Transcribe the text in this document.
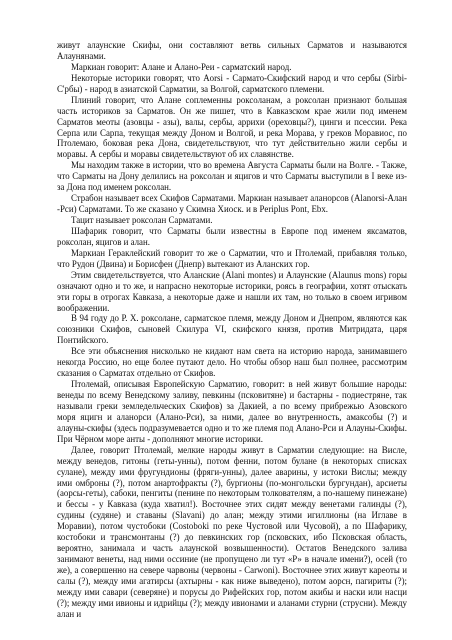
живут алаунские Скифы, они составляют ветвь сильных Сарматов и называются Алаунянами.

Маркиан говорит: Алане и Алано-Реи - сарматский народ.

Некоторые историки говорят, что Aorsi - Сармато-Скифский народ и что сербы (Sirbi- С'рбы) - народ в азиатской Сарматии, за Волгой, сарматского племени.

Плиний говорит, что Алане соплеменны роксоланам, а роксолан признают большая часть историков за Сарматов. Он же пишет, что в Кавказском крае жили под именем Сарматов меоты (азовцы - азы), валы, сербы, аррихи (ореховцы?), цинги и псессии. Река Серпа или Сарпа, текущая между Доном и Волгой, и река Морава, у греков Моравиос, по Птолемаю, боковая река Дона, свидетельствуют, что тут действительно жили сербы и моравы. А сербы и моравы свидетельствуют об их славянстве.

Мы находим также в истории, что во времена Августа Сарматы были на Волге. - Также, что Сарматы на Дону делились на роксолан и яцигов и что Сарматы выступили в I веке из-за Дона под именем роксолан.

Страбон называет всех Скифов Сарматами. Маркиан называет аланорсов (Alanorsi-Алан -Рси) Сарматами. То же сказано у Скимна Хиоск. и в Periplus Pont, Ebx.

Тацит называет роксолан Сарматами.

Шафарик говорит, что Сарматы были известны в Европе под именем яксаматов, роксолан, яцигов и алан.

Маркиан Гераклейский говорит то же о Сарматии, что и Птолемай, прибавляя только, что Рудон (Двина) и Борисфен (Днепр) вытекают из Аланских гор.

Этим свидетельствуется, что Аланские (Alani montes) и Алаунские (Alaunus mons) горы означают одно и то же, и напрасно некоторые историки, роясь в географии, хотят отыскать эти горы в отрогах Кавказа, а некоторые даже и нашли их там, но только в своем игривом воображении.

В 94 году до Р. Х. роксолане, сарматское племя, между Доном и Днепром, являются как союзники Скифов, сыновей Скилура VI, скифского князя, против Митридата, царя Понтийского.

Все эти объяснения нисколько не кидают нам света на историю народа, занимавшего некогда Россию, но еще более путают дело. Но чтобы обзор наш был полнее, рассмотрим сказания о Сарматах отдельно от Скифов.

Птолемай, описывая Европейскую Сарматию, говорит: в ней живут большие народы: венеды по всему Венедскому заливу, певкины (псковитяне) и бастарны - подиестряне, так называли греки земледельческих Скифов) за Дакией, а по всему прибрежью Азовского моря яцигн и аланорси (Алано-Рси), за ними, далее во внутренность, амаксобы (?) и алауны-скифы (здесь подразумевается одно и то же племя под Алано-Рси и Алауны-Скифы. При Чёрном море анты - дополняют многие историки.

Далее, говорит Птолемай, мелкие народы живут в Сарматии следующие: на Висле, между венедов, гитоны (геты-унны), потом фенни, потом булане (в некоторых списках сулане), между ими фругундионы (фряги-унны), далее аварины, у истоки Вислы; между ими омброны (?), потом анартофракты (?), бургионы (по-монгольски бургундан), арсиеты (аорсы-геты), сабоки, пенгиты (пенине по некоторым толкователям, а по-нашему пинежане) и бессы - у Кавказа (куда хватил!). Восточнее этих сидят между венетами галинды (?), судины (судяне) и ставаны (Slavani) до алан; между этими игиллионы (на Иглаве в Моравии), потом чустобоки (Costoboki по реке Чустовой или Чусовой), а по Шафарику, костобоки и трансмонтаны (?) до певкинских гор (псковских, ибо Псковская область, вероятно, занимала и часть алаунской возвышенности). Остатов Венедского залива занимают венеты, над ними оссиние (не пропущено ли тут «Р» в начале имени?), осей (то же), а совершенно на севере чарвоны (червоны - Carwoni). Восточнее этих живут кареоты и салы (?), между ими агатирсы (ахтырны - как ниже выведено), потом аорсн, пагириты (?); между ими савари (северяне) и порусы до Рифейских гор, потом акибы и наски или насци (?); между ими ивионы и идрийцы (?); между ивионами и аланами стурни (струсни). Между алан и
